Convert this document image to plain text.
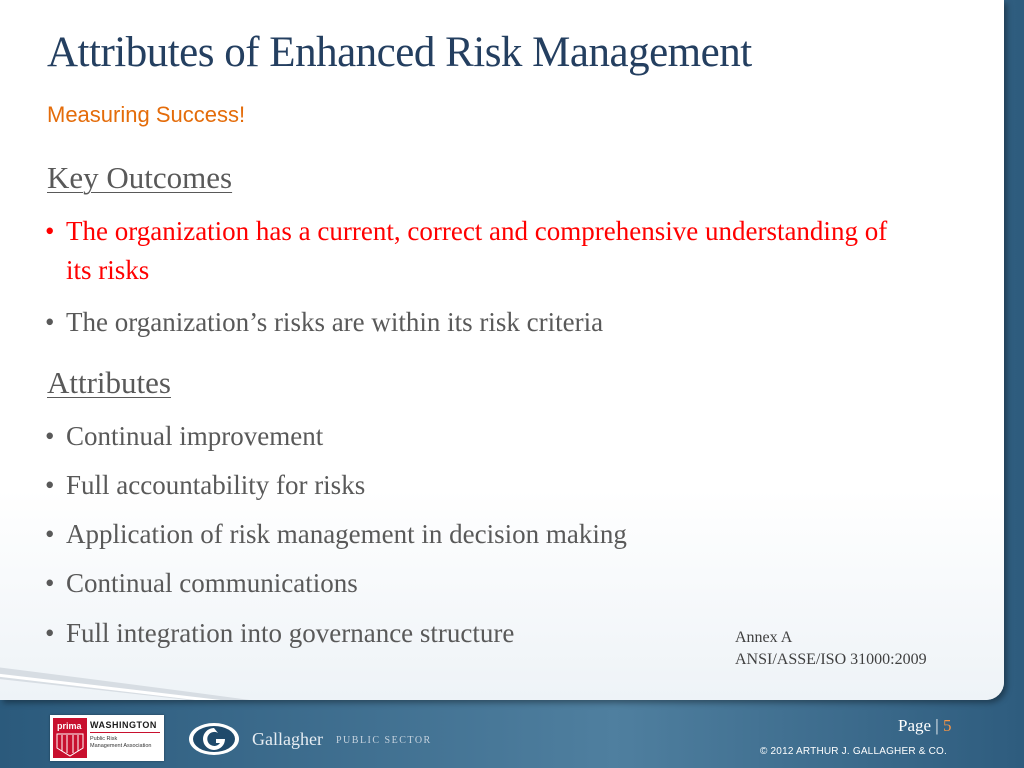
Attributes of Enhanced Risk Management
Measuring Success!
Key Outcomes
• The organization has a current, correct and comprehensive understanding of its risks
• The organization’s risks are within its risk criteria
Attributes
• Continual improvement
• Full accountability for risks
• Application of risk management in decision making
• Continual communications
• Full integration into governance structure	Annex A
ANSI/ASSE/ISO 31000:2009
prima WASHINGTON
Public Risk
Management Association	Gallagher PUBLIC SECTOR
Page | 5
© 2012 ARTHUR J. GALLAGHER & CO.
